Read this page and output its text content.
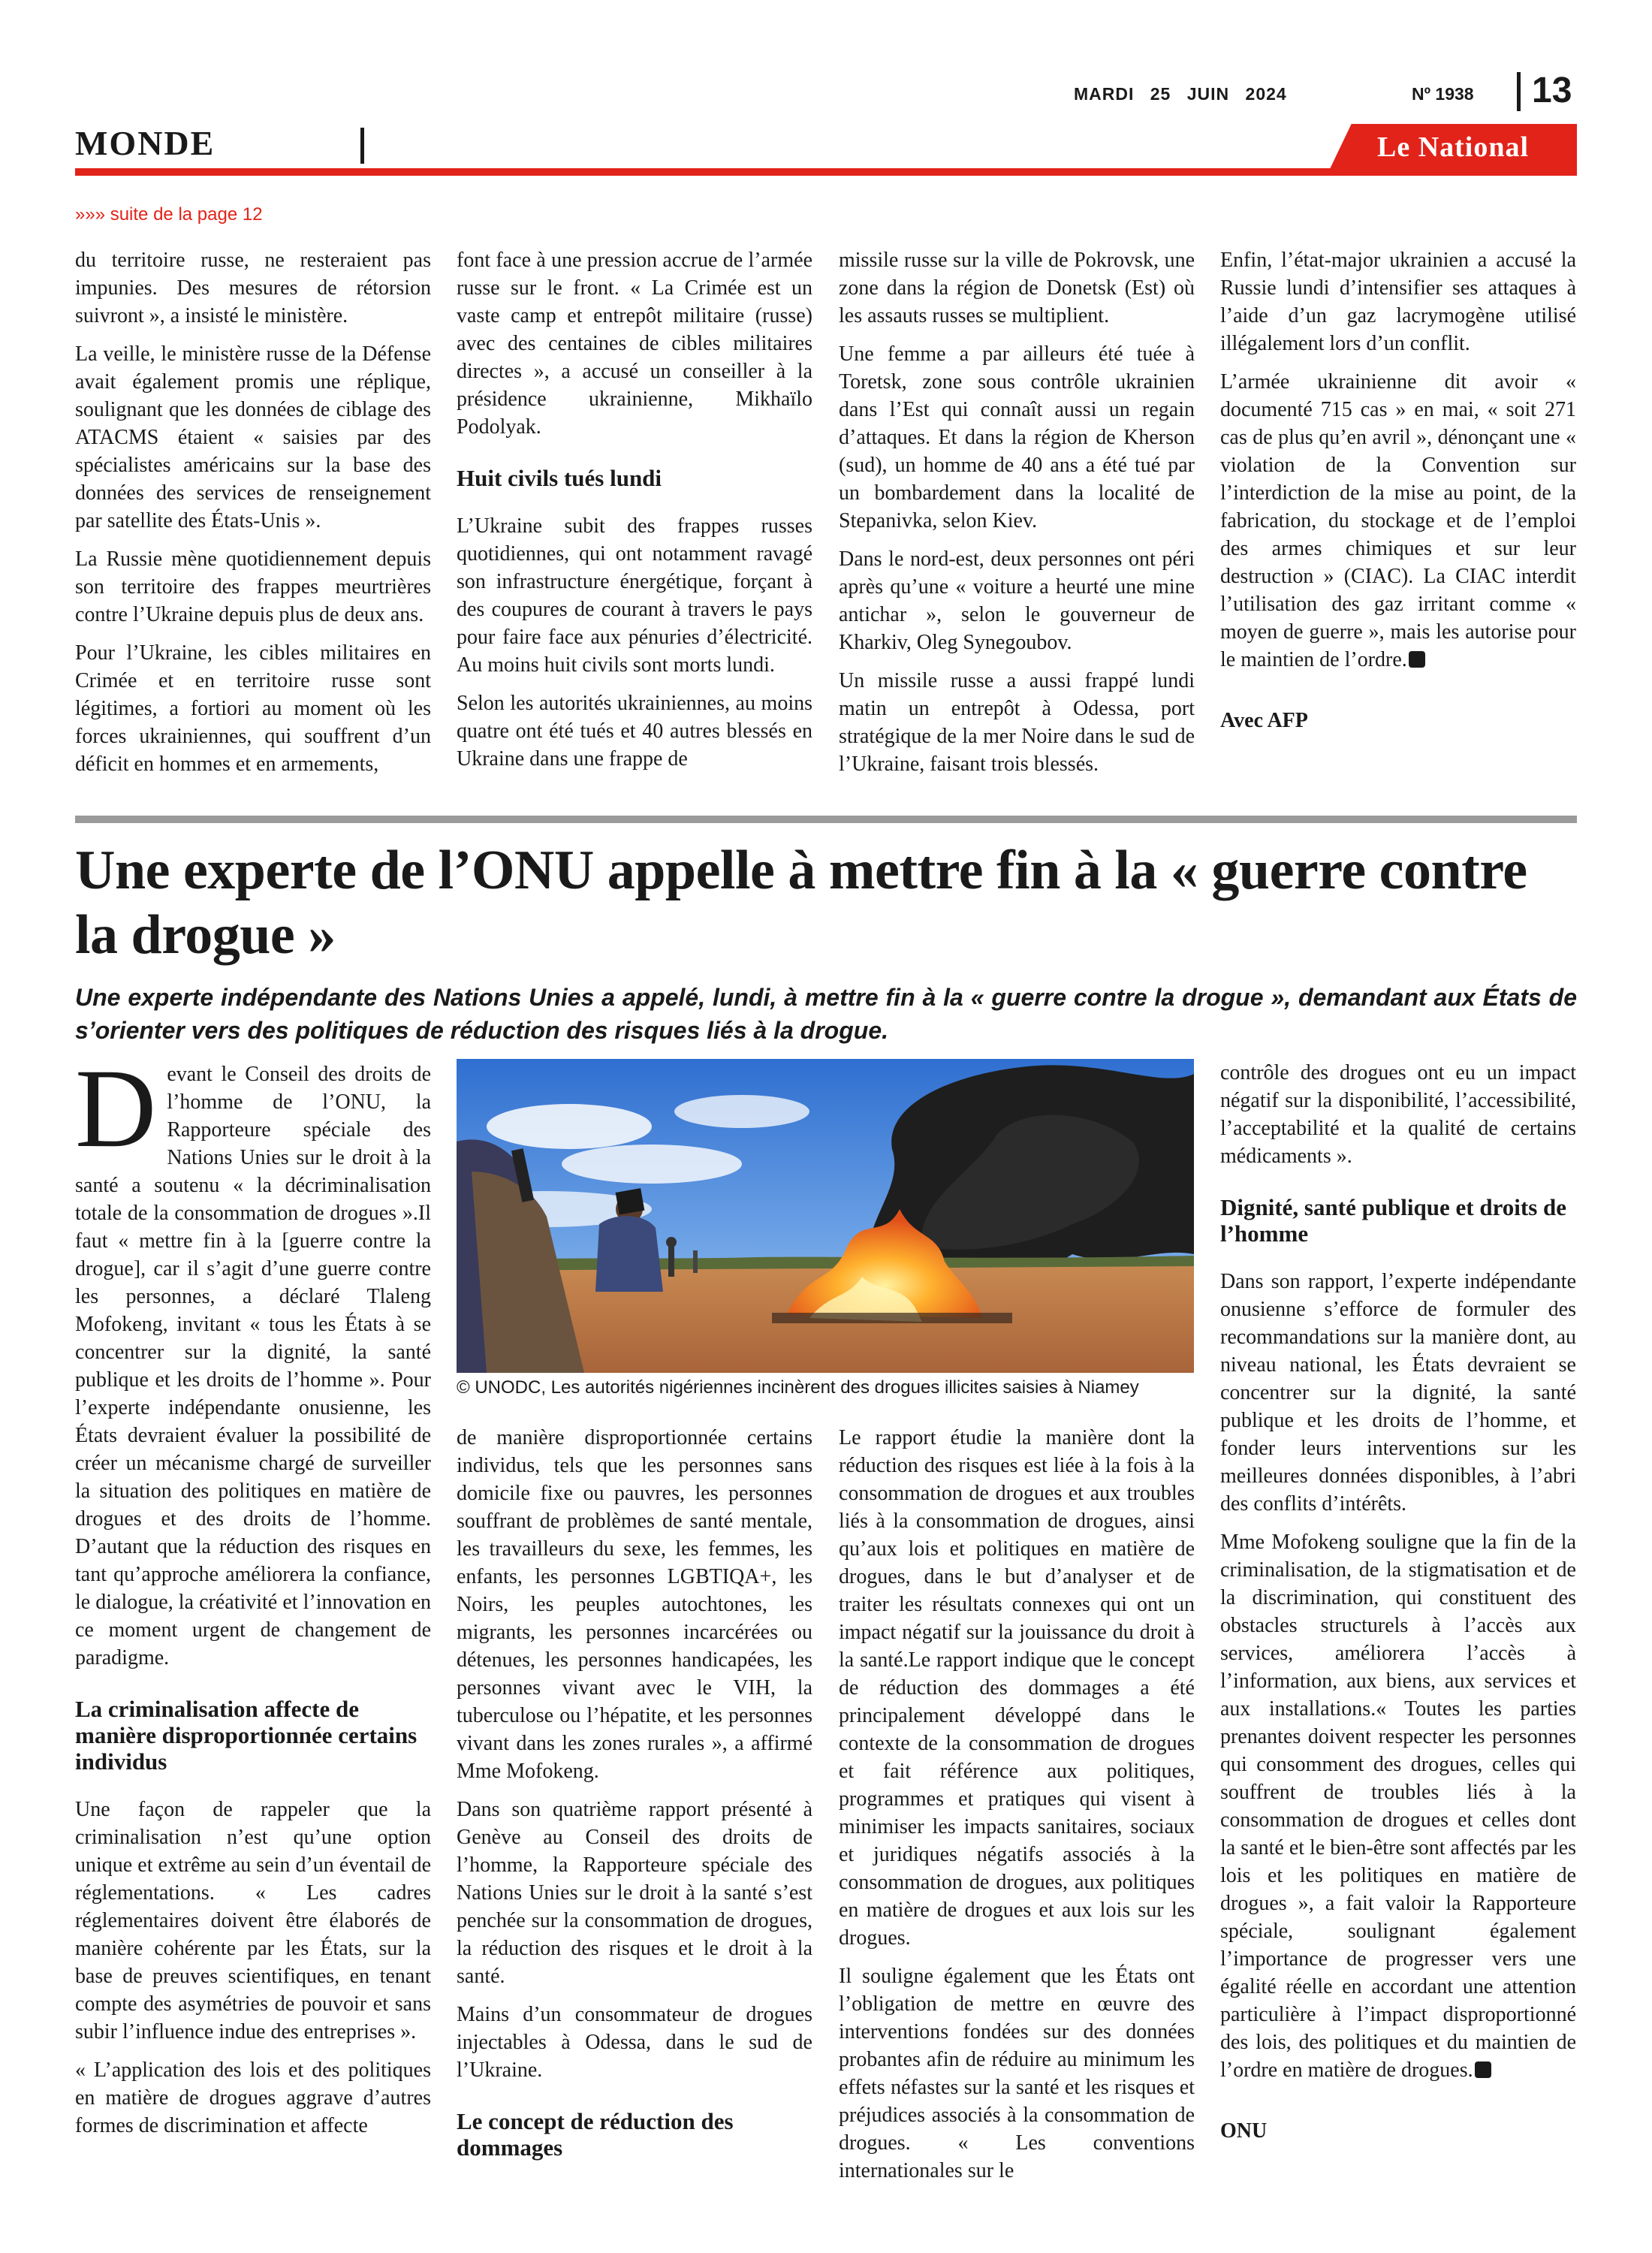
MARDI 25 JUIN 2024	Nº 1938 13
MONDE	Le National
»»» suite de la page 12

du territoire russe, ne resteraient pas impunies. Des mesures de rétorsion suivront », a insisté le ministère.

La veille, le ministère russe de la Défense avait également promis une réplique, soulignant que les données de ciblage des ATACMS étaient « saisies par des spécialistes américains sur la base des données des services de renseignement par satellite des États-Unis ».

La Russie mène quotidiennement depuis son territoire des frappes meurtrières contre l’Ukraine depuis plus de deux ans.

Pour l’Ukraine, les cibles militaires en Crimée et en territoire russe sont légitimes, a fortiori au moment où les forces ukrainiennes, qui souffrent d’un déficit en hommes et en armements,

font face à une pression accrue de l’armée russe sur le front. « La Crimée est un vaste camp et entrepôt militaire (russe) avec des centaines de cibles militaires directes », a accusé un conseiller à la présidence ukrainienne, Mikhaïlo Podolyak.

Huit civils tués lundi

L’Ukraine subit des frappes russes quotidiennes, qui ont notamment ravagé son infrastructure énergétique, forçant à des coupures de courant à travers le pays pour faire face aux pénuries d’électricité. Au moins huit civils sont morts lundi.

Selon les autorités ukrainiennes, au moins quatre ont été tués et 40 autres blessés en Ukraine dans une frappe de

missile russe sur la ville de Pokrovsk, une zone dans la région de Donetsk (Est) où les assauts russes se multiplient.

Une femme a par ailleurs été tuée à Toretsk, zone sous contrôle ukrainien dans l’Est qui connaît aussi un regain d’attaques. Et dans la région de Kherson (sud), un homme de 40 ans a été tué par un bombardement dans la localité de Stepanivka, selon Kiev.

Dans le nord-est, deux personnes ont péri après qu’une « voiture a heurté une mine antichar », selon le gouverneur de Kharkiv, Oleg Synegoubov.

Un missile russe a aussi frappé lundi matin un entrepôt à Odessa, port stratégique de la mer Noire dans le sud de l’Ukraine, faisant trois blessés.

Enfin, l’état-major ukrainien a accusé la Russie lundi d’intensifier ses attaques à l’aide d’un gaz lacrymogène utilisé illégalement lors d’un conflit.

L’armée ukrainienne dit avoir « documenté 715 cas » en mai, « soit 271 cas de plus qu’en avril », dénonçant une « violation de la Convention sur l’interdiction de la mise au point, de la fabrication, du stockage et de l’emploi des armes chimiques et sur leur destruction » (CIAC). La CIAC interdit l’utilisation des gaz irritant comme « moyen de guerre », mais les autorise pour le maintien de l’ordre.

Avec AFP

Une experte de l’ONU appelle à mettre fin à la « guerre contre la drogue »
Une experte indépendante des Nations Unies a appelé, lundi, à mettre fin à la « guerre contre la drogue », demandant aux États de s’orienter vers des politiques de réduction des risques liés à la drogue.

Devant le Conseil des droits de l’homme de l’ONU, la Rapporteure spéciale des Nations Unies sur le droit à la santé a soutenu « la décriminalisation totale de la consommation de drogues ».Il faut « mettre fin à la [guerre contre la drogue], car il s’agit d’une guerre contre les personnes, a déclaré Tlaleng Mofokeng, invitant « tous les États à se concentrer sur la dignité, la santé publique et les droits de l’homme ». Pour l’experte indépendante onusienne, les États devraient évaluer la possibilité de créer un mécanisme chargé de surveiller la situation des politiques en matière de drogues et des droits de l’homme. D’autant que la réduction des risques en tant qu’approche améliorera la confiance, le dialogue, la créativité et l’innovation en ce moment urgent de changement de paradigme.

La criminalisation affecte de manière disproportionnée certains individus

Une façon de rappeler que la criminalisation n’est qu’une option unique et extrême au sein d’un éventail de réglementations. « Les cadres réglementaires doivent être élaborés de manière cohérente par les États, sur la base de preuves scientifiques, en tenant compte des asymétries de pouvoir et sans subir l’influence indue des entreprises ».

« L’application des lois et des politiques en matière de drogues aggrave d’autres formes de discrimination et affecte

© UNODC, Les autorités nigériennes incinèrent des drogues illicites saisies à Niamey

de manière disproportionnée certains individus, tels que les personnes sans domicile fixe ou pauvres, les personnes souffrant de problèmes de santé mentale, les travailleurs du sexe, les femmes, les enfants, les personnes LGBTIQA+, les Noirs, les peuples autochtones, les migrants, les personnes incarcérées ou détenues, les personnes handicapées, les personnes vivant avec le VIH, la tuberculose ou l’hépatite, et les personnes vivant dans les zones rurales », a affirmé Mme Mofokeng.

Dans son quatrième rapport présenté à Genève au Conseil des droits de l’homme, la Rapporteure spéciale des Nations Unies sur le droit à la santé s’est penchée sur la consommation de drogues, la réduction des risques et le droit à la santé.

Mains d’un consommateur de drogues injectables à Odessa, dans le sud de l’Ukraine.

Le concept de réduction des dommages

Le rapport étudie la manière dont la réduction des risques est liée à la fois à la consommation de drogues et aux troubles liés à la consommation de drogues, ainsi qu’aux lois et politiques en matière de drogues, dans le but d’analyser et de traiter les résultats connexes qui ont un impact négatif sur la jouissance du droit à la santé.Le rapport indique que le concept de réduction des dommages a été principalement développé dans le contexte de la consommation de drogues et fait référence aux politiques, programmes et pratiques qui visent à minimiser les impacts sanitaires, sociaux et juridiques négatifs associés à la consommation de drogues, aux politiques en matière de drogues et aux lois sur les drogues.

Il souligne également que les États ont l’obligation de mettre en œuvre des interventions fondées sur des données probantes afin de réduire au minimum les effets néfastes sur la santé et les risques et préjudices associés à la consommation de drogues. « Les conventions internationales sur le

contrôle des drogues ont eu un impact négatif sur la disponibilité, l’accessibilité, l’acceptabilité et la qualité de certains médicaments ».

Dignité, santé publique et droits de l’homme

Dans son rapport, l’experte indépendante onusienne s’efforce de formuler des recommandations sur la manière dont, au niveau national, les États devraient se concentrer sur la dignité, la santé publique et les droits de l’homme, et fonder leurs interventions sur les meilleures données disponibles, à l’abri des conflits d’intérêts.

Mme Mofokeng souligne que la fin de la criminalisation, de la stigmatisation et de la discrimination, qui constituent des obstacles structurels à l’accès aux services, améliorera l’accès à l’information, aux biens, aux services et aux installations.« Toutes les parties prenantes doivent respecter les personnes qui consomment des drogues, celles qui souffrent de troubles liés à la consommation de drogues et celles dont la santé et le bien-être sont affectés par les lois et les politiques en matière de drogues », a fait valoir la Rapporteure spéciale, soulignant également l’importance de progresser vers une égalité réelle en accordant une attention particulière à l’impact disproportionné des lois, des politiques et du maintien de l’ordre en matière de drogues.

ONU
